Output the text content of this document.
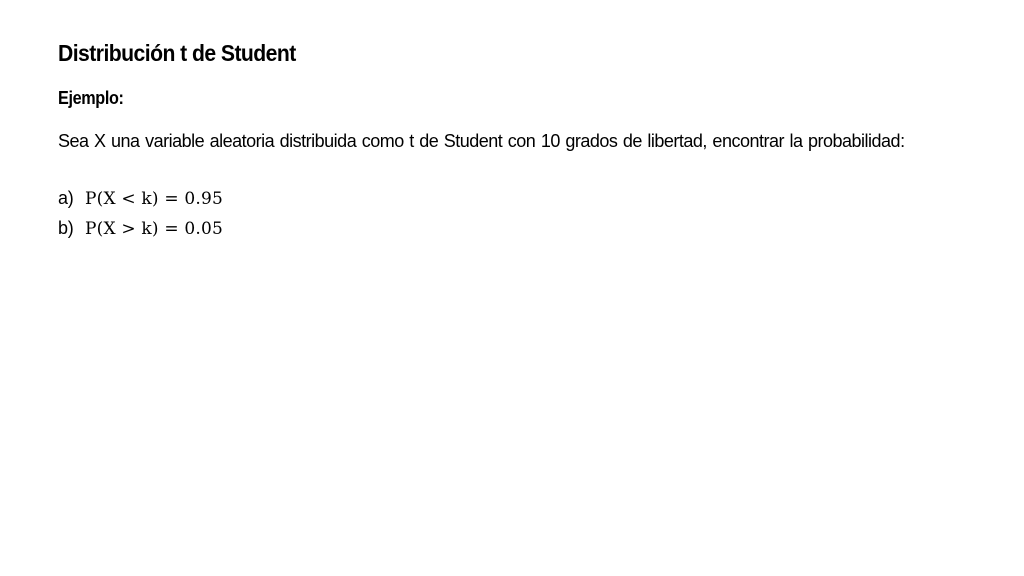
Distribución t de Student
Ejemplo:
Sea X una variable aleatoria distribuida como t de Student con 10 grados de libertad, encontrar la probabilidad:
a) P(X < k) = 0.95
b) P(X > k) = 0.05
